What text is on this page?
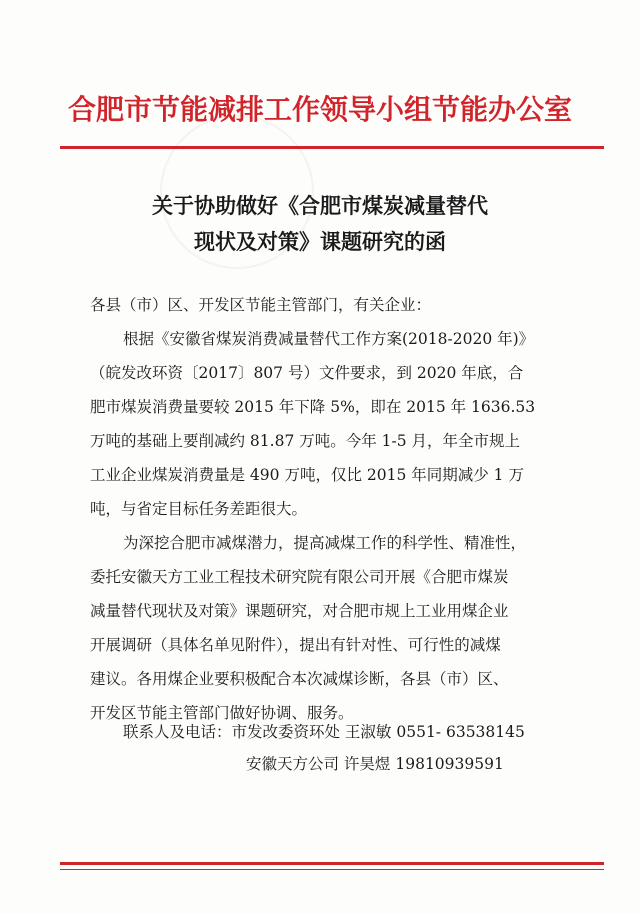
合肥市节能减排工作领导小组节能办公室
关于协助做好《合肥市煤炭减量替代
现状及对策》课题研究的函
各县（市）区、开发区节能主管部门，有关企业：
根据《安徽省煤炭消费减量替代工作方案(2018-2020 年)》
（皖发改环资〔2017〕807 号）文件要求，到 2020 年底，合
肥市煤炭消费量要较 2015 年下降 5%，即在 2015 年 1636.53
万吨的基础上要削减约 81.87 万吨。今年 1-5 月，年全市规上
工业企业煤炭消费量是 490 万吨，仅比 2015 年同期减少 1 万
吨，与省定目标任务差距很大。
为深挖合肥市减煤潜力，提高减煤工作的科学性、精准性，
委托安徽天方工业工程技术研究院有限公司开展《合肥市煤炭
减量替代现状及对策》课题研究，对合肥市规上工业用煤企业
开展调研（具体名单见附件），提出有针对性、可行性的减煤
建议。各用煤企业要积极配合本次减煤诊断，各县（市）区、
开发区节能主管部门做好协调、服务。
联系人及电话：市发改委资环处 王淑敏 0551- 63538145
安徽天方公司 许昊煜 19810939591
